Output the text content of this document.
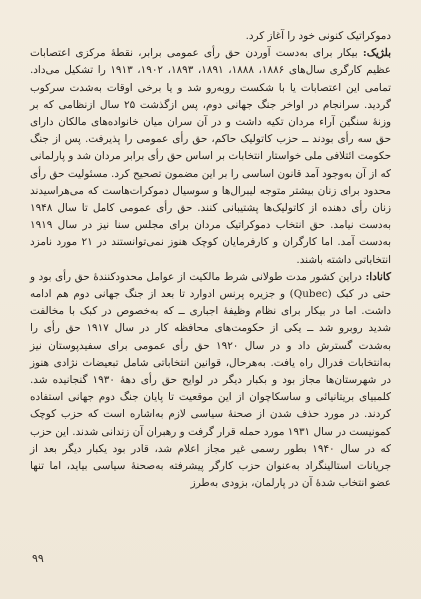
دموکراتیک کنونی خود را آغاز کرد.

بلژیک: بیکار برای به‌دست آوردن حق رأی عمومی برابر، نقطهٔ مرکزی اعتصابات عظیم کارگری سال‌های ۱۸۸۶، ۱۸۸۸، ۱۸۹۱، ۱۸۹۳، ۱۹۰۲، ۱۹۱۳ را تشکیل می‌داد. تمامی این اعتصابات یا با شکست روبه‌رو شد و یا برخی اوقات به‌شدت سرکوب گردید. سرانجام در اواخر جنگ جهانی دوم، پس ازگذشت ۲۵ سال ازنظامی که بر وزنهٔ سنگین آراء مردان تکیه داشت و در آن سران میان خانواده‌های مالکان دارای حق سه رأی بودند ــ حزب کاتولیک حاکم، حق رأی عمومی را پذیرفت. پس از جنگ حکومت ائتلافی ملی خواستار انتخابات بر اساس حق رأی برابر مردان شد و پارلمانی که از آن به‌وجود آمد قانون اساسی را بر این مضمون تصحیح کرد. مسئولیت حق رأی محدود برای زنان بیشتر متوجه لیبرال‌ها و سوسیال دموکرات‌هاست که می‌هراسیدند زنان رأی دهنده از کاتولیک‌ها پشتیبانی کنند. حق رأی عمومی کامل تا سال ۱۹۴۸ به‌دست نیامد. حق انتخاب دموکراتیک مردان برای مجلس سنا نیز در سال ۱۹۱۹ به‌دست آمد. اما کارگران و کارفرمایان کوچک هنوز نمی‌توانستند در ۲۱ مورد نامزد انتخاباتی داشته باشند.

کانادا: دراین کشور مدت طولانی شرط مالکیت از عوامل محدودکنندهٔ حق رأی بود و حتی در کبک (Qubec) و جزیره پرنس ادوارد تا بعد از جنگ جهانی دوم هم ادامه داشت. اما در بیکار برای نظام وظیفهٔ اجباری ــ که به‌خصوص در کبک با مخالفت شدید روبرو شد ــ یکی از حکومت‌های محافظه کار در سال ۱۹۱۷ حق رأی را به‌شدت گسترش داد و در سال ۱۹۲۰ حق رأی عمومی برای سفیدپوستان نیز به‌انتخابات فدرال راه یافت. به‌هرحال، قوانین انتخاباتی شامل تبعیضات نژادی هنوز در شهرستان‌ها مجاز بود و بکبار دیگر در لوایح حق رأی دههٔ ۱۹۳۰ گنجانیده شد. کلمبیای بریتانیائی و ساسکاچوان از این موقعیت تا پایان جنگ دوم جهانی استفاده کردند. در مورد حذف شدن از صحنهٔ سیاسی لازم به‌اشاره است که حزب کوچک کمونیست در سال ۱۹۳۱ مورد حمله قرار گرفت و رهبران آن زندانی شدند. این حزب که در سال ۱۹۴۰ بطور رسمی غیر مجاز اعلام شد، قادر بود یکبار دیگر بعد از جریانات استالینگراد به‌عنوان حزب کارگر پیشرفته به‌صحنهٔ سیاسی بیاید، اما تنها عضو انتخاب شدهٔ آن در پارلمان، بزودی به‌طرز

۹۹
